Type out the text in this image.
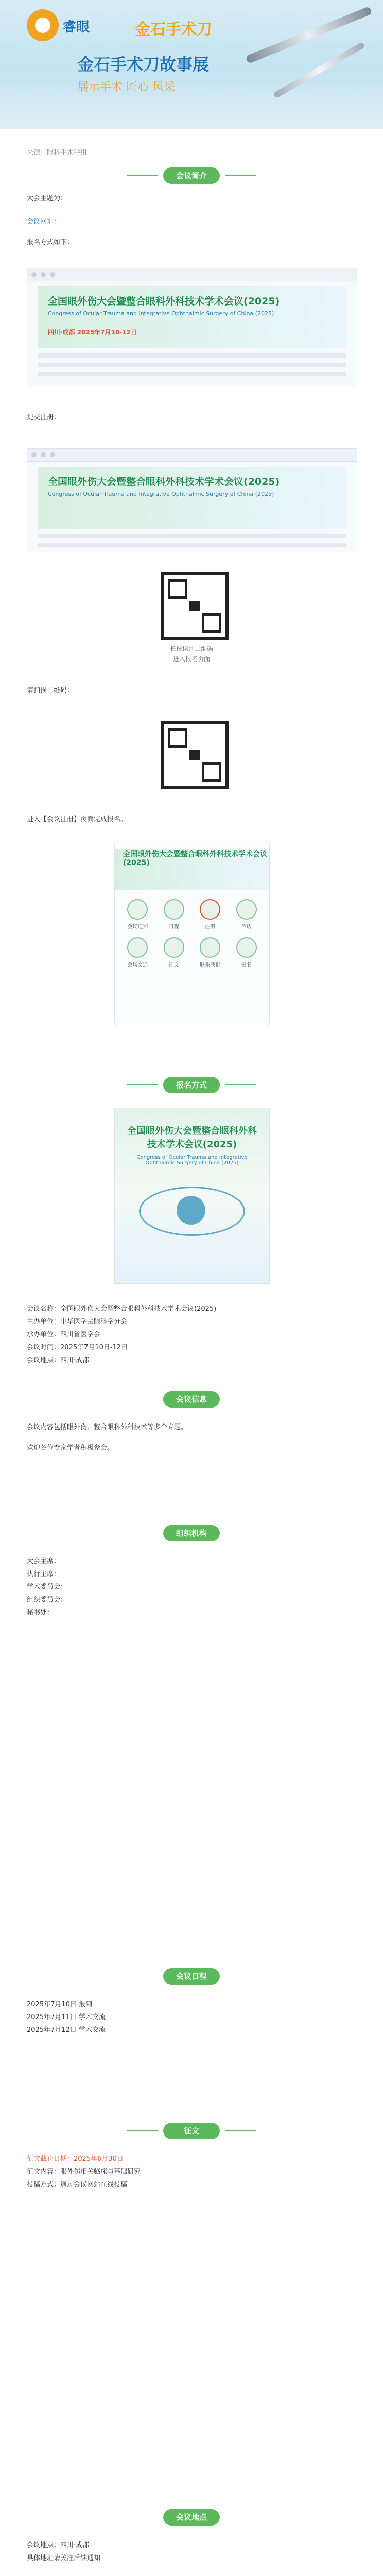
睿眼	金石手术刀
金石手术刀故事展
展示手术 匠心 风采
来源：眼科手术学组
会议简介
大会主题为：
会议网址：
报名方式如下：
全国眼外伤大会暨整合眼科外科技术学术会议(2025)
Congress of Ocular Trauma and Integrative Ophthalmic Surgery of China (2025)
四川·成都 2025年7月10-12日
提交注册：
全国眼外伤大会暨整合眼科外科技术学术会议(2025)
Congress of Ocular Trauma and Integrative Ophthalmic Surgery of China (2025)
长按识别二维码
进入报名页面
请扫描二维码：
进入【会议注册】页面完成报名。
全国眼外伤大会暨整合眼科外科技术学术会议(2025)
会议通知	日程	注册	酒店
会场交通	征文	联系我们	报名
报名方式
全国眼外伤大会暨整合眼科外科技术学术会议(2025)
Congress of Ocular Trauma and Integrative Ophthalmic Surgery of China (2025)
会议名称：全国眼外伤大会暨整合眼科外科技术学术会议(2025)
主办单位：中华医学会眼科学分会
承办单位：四川省医学会
会议时间：2025年7月10日-12日
会议地点：四川·成都
会议信息
会议内容包括眼外伤、整合眼科外科技术等多个专题。
欢迎各位专家学者积极参会。
组织机构
大会主席：
执行主席：
学术委员会：
组织委员会：
秘书处：
会议日程
2025年7月10日 报到
2025年7月11日 学术交流
2025年7月12日 学术交流
征文
征文截止日期：2025年6月30日
征文内容：眼外伤相关临床与基础研究
投稿方式：通过会议网站在线投稿
会议地点
会议地点：四川·成都
具体地址请关注后续通知
